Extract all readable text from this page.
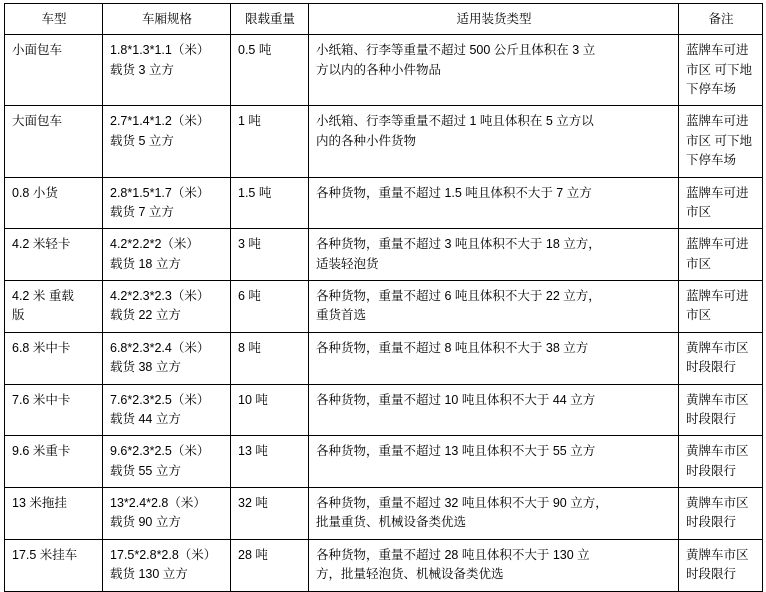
车型	车厢规格	限载重量	适用装货类型	备注

小面包车	1.8*1.3*1.1（米）
载货 3 立方	0.5 吨	小纸箱、行李等重量不超过 500 公斤且体积在 3 立
方以内的各种小件物品	蓝牌车可进
市区 可下地
下停车场

大面包车	2.7*1.4*1.2（米）
载货 5 立方	1 吨	小纸箱、行李等重量不超过 1 吨且体积在 5 立方以
内的各种小件货物	蓝牌车可进
市区 可下地
下停车场

0.8 小货	2.8*1.5*1.7（米）
载货 7 立方	1.5 吨	各种货物，重量不超过 1.5 吨且体积不大于 7 立方	蓝牌车可进
市区

4.2 米轻卡	4.2*2.2*2（米）
载货 18 立方	3 吨	各种货物，重量不超过 3 吨且体积不大于 18 立方，
适装轻泡货	蓝牌车可进
市区

4.2 米 重载
版	4.2*2.3*2.3（米）
载货 22 立方	6 吨	各种货物，重量不超过 6 吨且体积不大于 22 立方，
重货首选	蓝牌车可进
市区

6.8 米中卡	6.8*2.3*2.4（米）
载货 38 立方	8 吨	各种货物，重量不超过 8 吨且体积不大于 38 立方	黄牌车市区
时段限行

7.6 米中卡	7.6*2.3*2.5（米）
载货 44 立方	10 吨	各种货物，重量不超过 10 吨且体积不大于 44 立方	黄牌车市区
时段限行

9.6 米重卡	9.6*2.3*2.5（米）
载货 55 立方	13 吨	各种货物，重量不超过 13 吨且体积不大于 55 立方	黄牌车市区
时段限行

13 米拖挂	13*2.4*2.8（米）
载货 90 立方	32 吨	各种货物，重量不超过 32 吨且体积不大于 90 立方，
批量重货、机械设备类优选	黄牌车市区
时段限行

17.5 米挂车	17.5*2.8*2.8（米）
载货 130 立方	28 吨	各种货物，重量不超过 28 吨且体积不大于 130 立
方，批量轻泡货、机械设备类优选	黄牌车市区
时段限行
